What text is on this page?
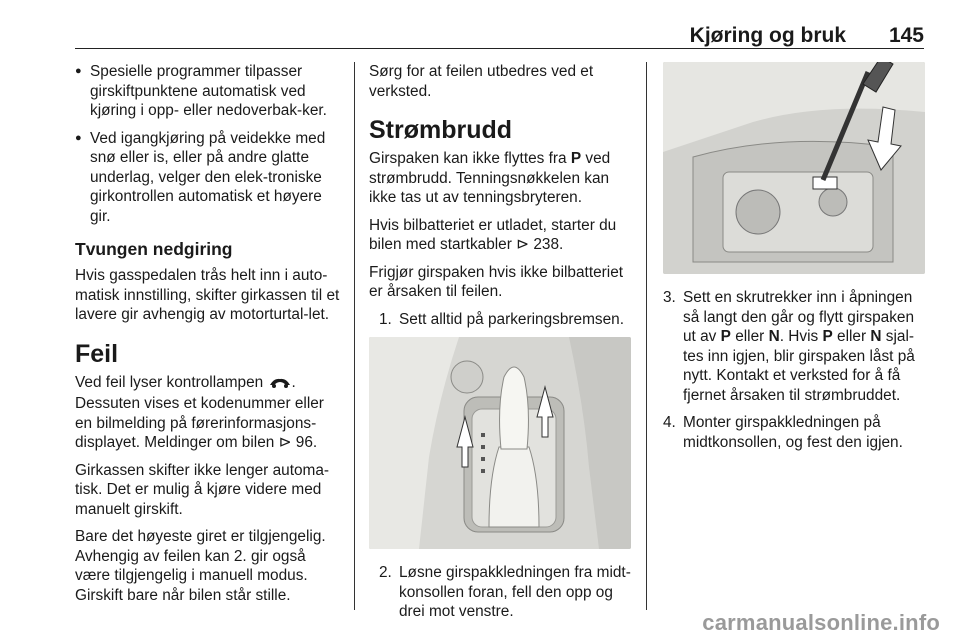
Kjøring og bruk 145
● Spesielle programmer tilpasser girskiftpunktene automatisk ved kjøring i opp- eller nedoverbak-ker.
● Ved igangkjøring på veidekke med snø eller is, eller på andre glatte underlag, velger den elek-troniske girkontrollen automatisk et høyere gir.
Tvungen nedgiring

Hvis gasspedalen trås helt inn i auto-matisk innstilling, skifter girkassen til et lavere gir avhengig av motorturtal-let.

Feil

Ved feil lyser kontrollampen . Dessuten vises et kodenummer eller en bilmelding på førerinformasjons-displayet. Meldinger om bilen ⊳ 96.

Girkassen skifter ikke lenger automa-tisk. Det er mulig å kjøre videre med manuelt girskift.

Bare det høyeste giret er tilgjengelig. Avhengig av feilen kan 2. gir også være tilgjengelig i manuell modus. Girskift bare når bilen står stille.

Sørg for at feilen utbedres ved et verksted.

Strømbrudd

Girspaken kan ikke flyttes fra P ved strømbrudd. Tenningsnøkkelen kan ikke tas ut av tenningsbryteren.

Hvis bilbatteriet er utladet, starter du bilen med startkabler ⊳ 238.

Frigjør girspaken hvis ikke bilbatteriet er årsaken til feilen.

1. Sett alltid på parkeringsbremsen.
2. Løsne girspakkledningen fra midt-konsollen foran, fell den opp og drei mot venstre.
3. Sett en skrutrekker inn i åpningen så langt den går og flytt girspaken ut av P eller N. Hvis P eller N sjal-tes inn igjen, blir girspaken låst på nytt. Kontakt et verksted for å få fjernet årsaken til strømbruddet.
4. Monter girspakkledningen på midtkonsollen, og fest den igjen.
carmanualsonline.info
